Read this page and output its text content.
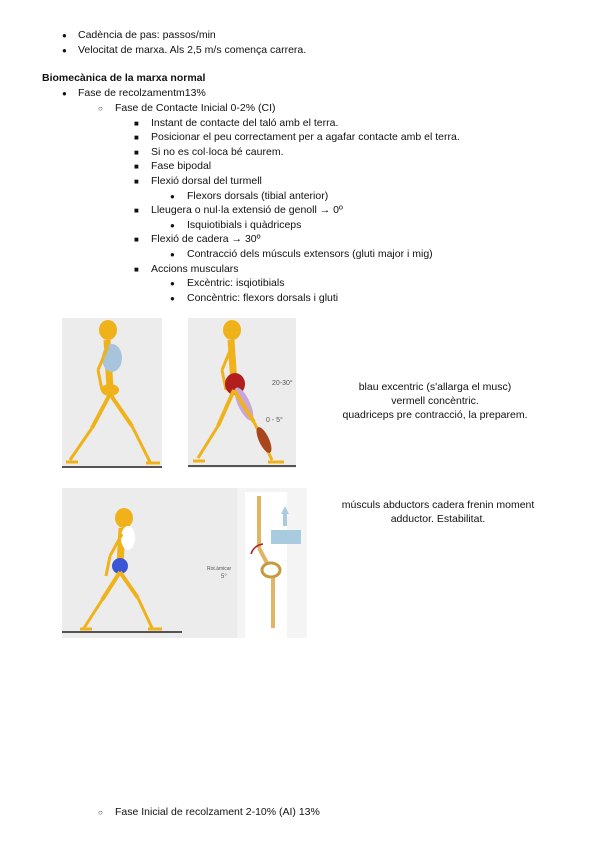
● Cadència de pas: passos/min
● Velocitat de marxa. Als 2,5 m/s comença carrera.
Biomecànica de la marxa normal
● Fase de recolzamentm13%
○ Fase de Contacte Inicial 0-2% (CI)
■ Instant de contacte del taló amb el terra.
■ Posicionar el peu correctament per a agafar contacte amb el terra.
■ Si no es col·loca bé caurem.
■ Fase bipodal
■ Flexió dorsal del turmell
● Flexors dorsals (tibial anterior)
■ Lleugera o nul·la extensió de genoll → 0º
● Isquiotibials i quàdriceps
■ Flexió de cadera → 30º
● Contracció dels músculs extensors (gluti major i mig)
■ Accions musculars
● Excèntric: isqiotibials
● Concèntric: flexors dorsals i gluti
20-30°
0 - 5°
blau excentric (s'allarga el musc)
vermell concèntric.
quadriceps pre contracció, la preparem.
Rot.àmicar
5°
músculs abductors cadera frenin moment
adductor. Estabilitat.
○ Fase Inicial de recolzament 2-10% (AI) 13%
